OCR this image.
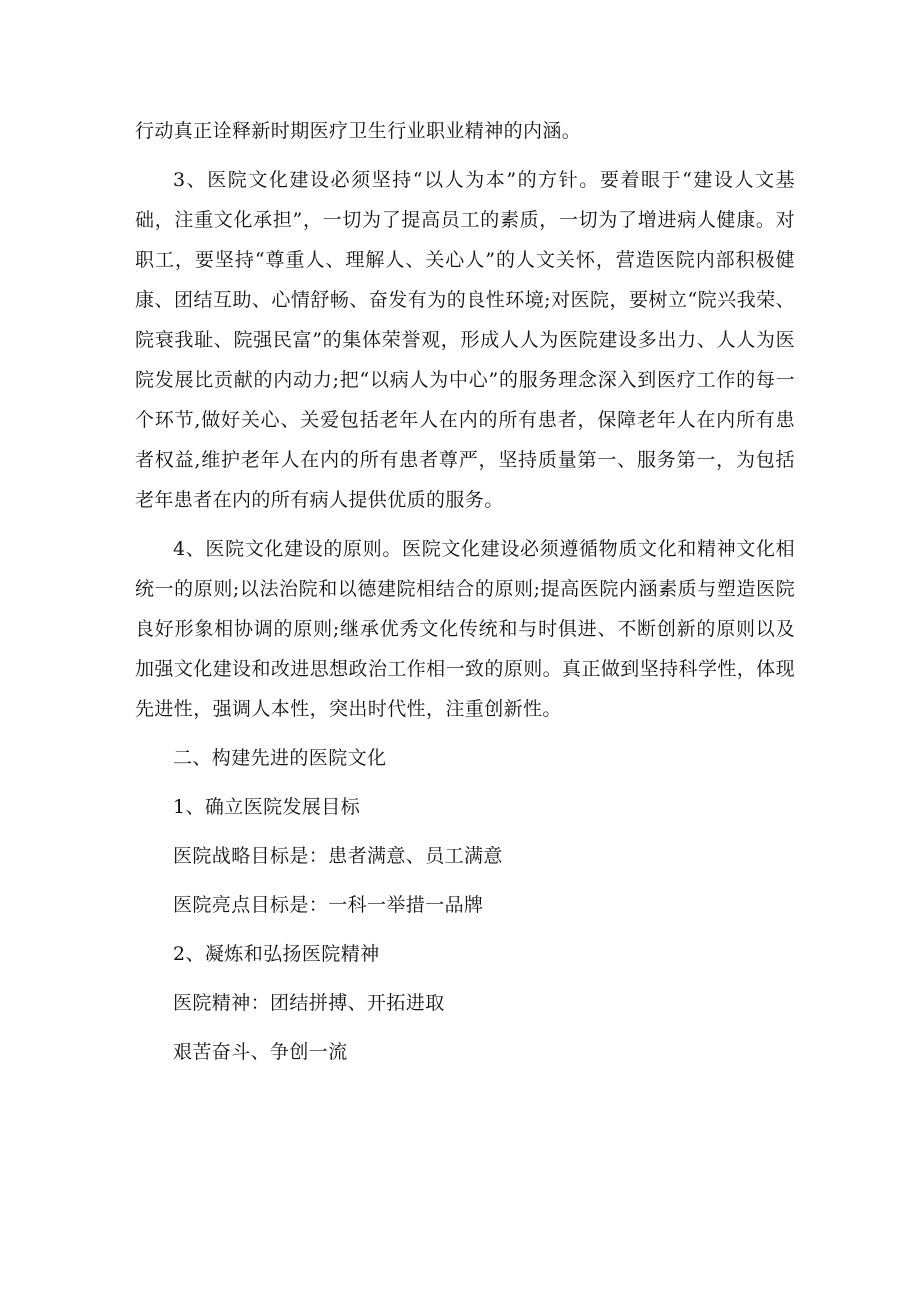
行动真正诠释新时期医疗卫生行业职业精神的内涵。

3、医院文化建设必须坚持“以人为本”的方针。要着眼于“建设人文基础，注重文化承担”，一切为了提高员工的素质，一切为了增进病人健康。对职工，要坚持“尊重人、理解人、关心人”的人文关怀，营造医院内部积极健康、团结互助、心情舒畅、奋发有为的良性环境;对医院，要树立“院兴我荣、院衰我耻、院强民富”的集体荣誉观，形成人人为医院建设多出力、人人为医院发展比贡献的内动力;把“以病人为中心”的服务理念深入到医疗工作的每一个环节,做好关心、关爱包括老年人在内的所有患者，保障老年人在内所有患者权益,维护老年人在内的所有患者尊严，坚持质量第一、服务第一，为包括老年患者在内的所有病人提供优质的服务。

4、医院文化建设的原则。医院文化建设必须遵循物质文化和精神文化相统一的原则;以法治院和以德建院相结合的原则;提高医院内涵素质与塑造医院良好形象相协调的原则;继承优秀文化传统和与时俱进、不断创新的原则以及加强文化建设和改进思想政治工作相一致的原则。真正做到坚持科学性，体现先进性，强调人本性，突出时代性，注重创新性。

二、构建先进的医院文化

1、确立医院发展目标

医院战略目标是：患者满意、员工满意

医院亮点目标是：一科一举措一品牌

2、凝炼和弘扬医院精神

医院精神：团结拼搏、开拓进取

艰苦奋斗、争创一流
